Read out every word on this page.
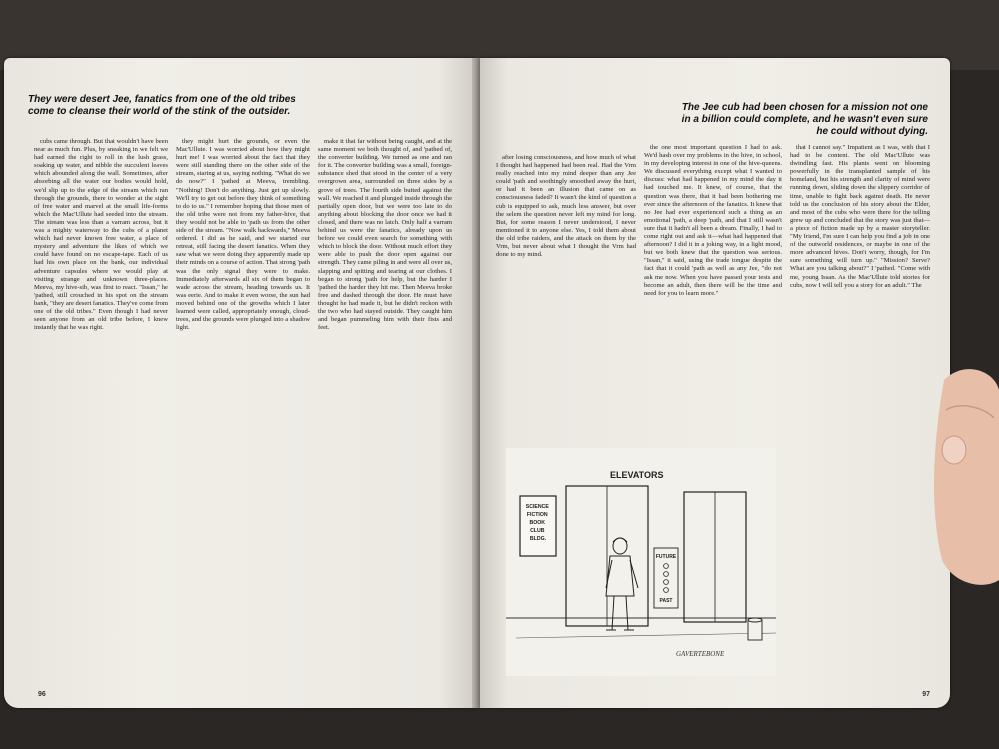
They were desert Jee, fanatics from one of the old tribes come to cleanse their world of the stink of the outsider.

cubs came through. But that wouldn't have been near as much fun. Plus, by sneaking in we felt we had earned the right to roll in the lush grass, soaking up water, and nibble the succulent leaves which abounded along the wall. Sometimes, after absorbing all the water our bodies would hold, we'd slip up to the edge of the stream which ran through the grounds, there to wonder at the sight of free water and marvel at the small life-forms which the Mac'Ullute had seeded into the stream. The stream was less than a varram across, but it was a mighty waterway to the cubs of a planet which had never known free water, a place of mystery and adventure the likes of which we could have found on no escape-tape. Each of us had his own place on the bank, our individual adventure capsules where we would play at visiting strange and unknown three-places. Meeva, my hive-sib, was first to react. "Issan," he 'pathed, still crouched in his spot on the stream bank, "they are desert fanatics. They've come from one of the old tribes." Even though I had never seen anyone from an old tribe before, I knew instantly that he was right.

they might hurt the grounds, or even the Mac'Ullute. I was worried about how they might hurt me! I was worried about the fact that they were still standing there on the other side of the stream, staring at us, saying nothing. "What do we do now?" I 'pathed at Meeva, trembling. "Nothing! Don't do anything. Just get up slowly. We'll try to get out before they think of something to do to us." I remember hoping that those men of the old tribe were not from my father-hive, that they would not be able to 'path us from the other side of the stream. "Now walk backwards," Meeva ordered. I did as he said, and we started our retreat, still facing the desert fanatics. When they saw what we were doing they apparently made up their minds on a course of action. That strong 'path was the only signal they were to make. Immediately afterwards all six of them began to wade across the stream, heading towards us. It was eerie. And to make it even worse, the sun had moved behind one of the growths which I later learned were called, appropriately enough, cloud-trees, and the grounds were plunged into a shadow light.

make it that far without being caught, and at the same moment we both thought of, and 'pathed of, the converter building. We turned as one and ran for it. The converter building was a small, foreign-substance shed that stood in the center of a very overgrown area, surrounded on three sides by a grove of trees. The fourth side butted against the wall. We reached it and plunged inside through the partially open door, but we were too late to do anything about blocking the door once we had it closed, and there was no latch. Only half a varram behind us were the fanatics, already upon us before we could even search for something with which to block the door. Without much effort they were able to push the door open against our strength. They came piling in and were all over us, slapping and spitting and tearing at our clothes. I began to strong 'path for help, but the harder I 'pathed the harder they hit me. Then Meeva broke free and dashed through the door. He must have thought he had made it, but he didn't reckon with the two who had stayed outside. They caught him and began pummeling him with their fists and feet.

96
The Jee cub had been chosen for a mission not one in a billion could complete, and he wasn't even sure he could without dying.

after losing consciousness, and how much of what I thought had happened had been real. Had the Vrm really reached into my mind deeper than any Jee could 'path and soothingly smoothed away the hurt, or had it been an illusion that came on as consciousness faded? It wasn't the kind of question a cub is equipped to ask, much less answer, but over the selem the question never left my mind for long. But, for some reason I never understood, I never mentioned it to anyone else. Yes, I told them about the old tribe raiders, and the attack on them by the Vrm, but never about what I thought the Vrm had done to my mind.

the one most important question I had to ask. We'd hash over my problems in the hive, in school, in my developing interest in one of the hive-queens. We discussed everything except what I wanted to discuss: what had happened in my mind the day it had touched me. It knew, of course, that the question was there, that it had been bothering me ever since the afternoon of the fanatics. It knew that no Jee had ever experienced such a thing as an emotional 'path, a deep 'path, and that I still wasn't sure that it hadn't all been a dream. Finally, I had to come right out and ask it—what had happened that afternoon? I did it in a joking way, in a light mood, but we both knew that the question was serious. "Issan," it said, using the trade tongue despite the fact that it could 'path as well as any Jee, "do not ask me now. When you have passed your tests and become an adult, then there will be the time and need for you to learn more."

that I cannot say." Impatient as I was, with that I had to be content. The old Mac'Ullute was dwindling fast. His plants went on blooming powerfully in the transplanted sample of his homeland, but his strength and clarity of mind were running down, sliding down the slippery corridor of time, unable to fight back against death. He never told us the conclusion of his story about the Elder, and most of the cubs who were there for the telling grew up and concluded that the story was just that—a piece of fiction made up by a master storyteller. "My friend, I'm sure I can help you find a job in one of the outworld residences, or maybe in one of the more advanced hives. Don't worry, though, for I'm sure something will turn up." "Mission? Serve? What are you talking about?" I 'pathed. "Come with me, young Issan. As the Mac'Ullute told stories for cubs, now I will tell you a story for an adult." The

ELEVATORS
SCIENCE FICTION BOOK CLUB BLDG.
FUTURE
PAST
GAVERTEBONE
97
